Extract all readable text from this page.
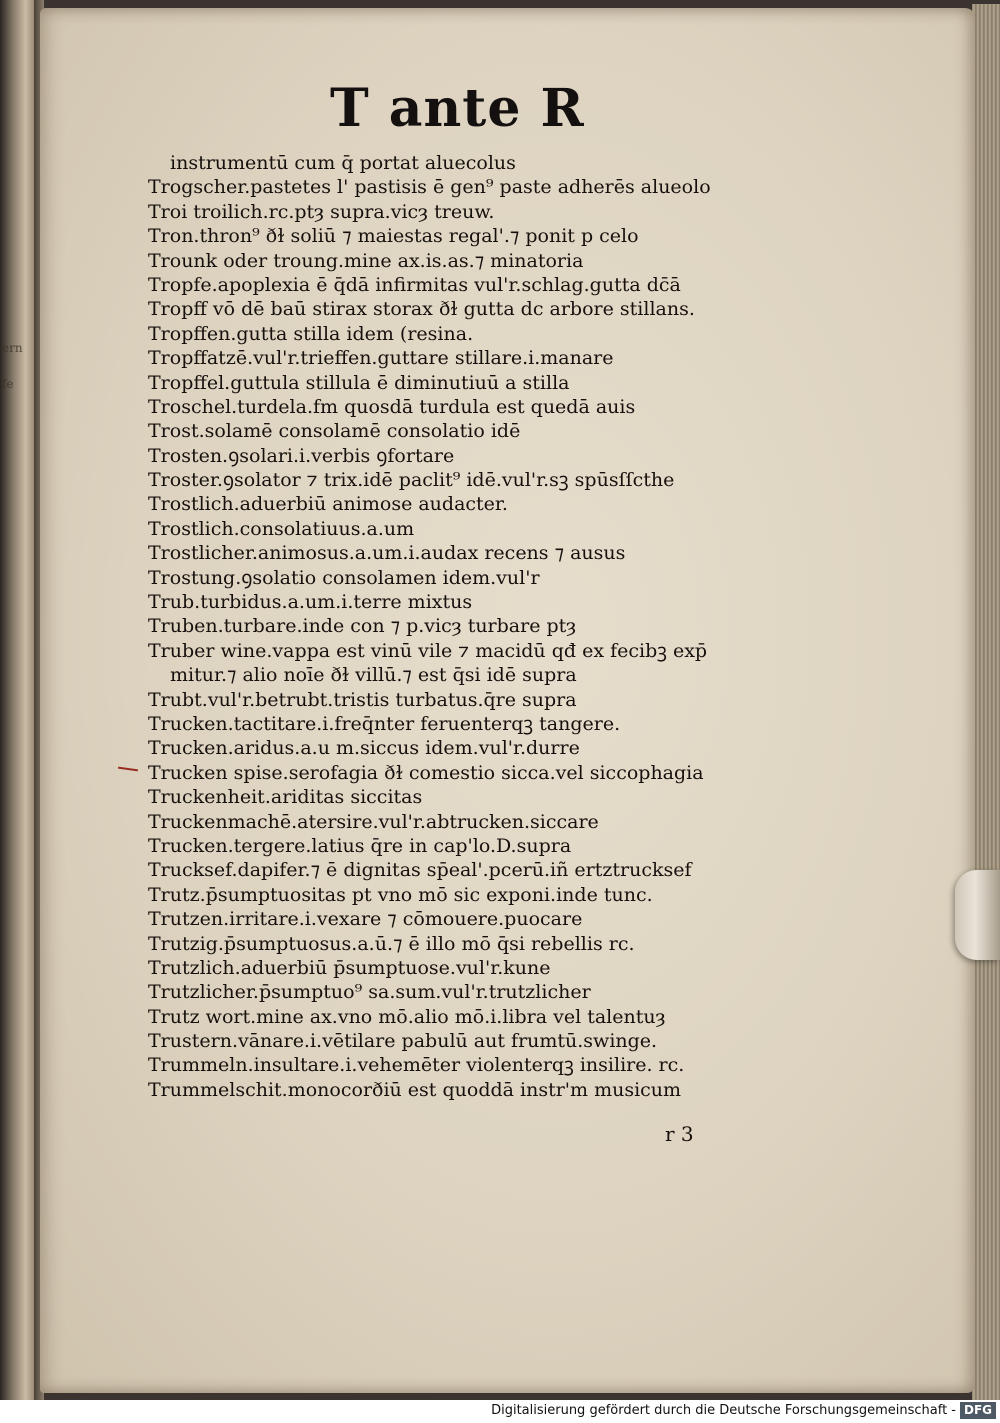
ern
fe
T ante R
instrumentū cum q̄ portat aluecolus
Trogscher.pastetes l' pastisis ē gen⁹ paste adherēs alueolo
Troi troilich.rc.ptȝ supra.vicȝ treuw.
Tron.thron⁹ ðɫ soliū ⁊ maiestas regal'.⁊ ponit p celo
Trounk oder troung.mine ax.is.as.⁊ minatoria
Tropfe.apoplexia ē q̄dā infirmitas vul'r.schlag.gutta dc̄ā
Tropff vō dē baū stirax storax ðɫ gutta dc arbore stillans.
Tropffen.gutta stilla idem (resina.
Tropffatzē.vul'r.trieffen.guttare stillare.i.manare
Tropffel.guttula stillula ē diminutiuū a stilla
Troschel.turdela.fm quosdā turdula est quedā auis
Trost.solamē consolamē consolatio idē
Trosten.ꝯsolari.i.verbis ꝯfortare
Troster.ꝯsolator ⁊ trix.idē paclit⁹ idē.vul'r.sꝫ spūsſſcthe
Trostlich.aduerbiū animose audacter.
Trostlich.consolatiuus.a.um
Trostlicher.animosus.a.um.i.audax recens ⁊ ausus
Trostung.ꝯsolatio consolamen idem.vul'r
Trub.turbidus.a.um.i.terre mixtus
Truben.turbare.inde con ⁊ p.vicȝ turbare ptȝ
Truber wine.vappa est vinū vile ⁊ macidū qđ ex fecibꝫ exp̄
mitur.⁊ alio noīe ðɫ villū.⁊ est q̄si idē supra
Trubt.vul'r.betrubt.tristis turbatus.q̄re supra
Trucken.tactitare.i.freq̄nter feruenterqꝫ tangere.
Trucken.aridus.a.u m.siccus idem.vul'r.durre
Trucken spise.serofagia ðɫ comestio sicca.vel siccophagia
Truckenheit.ariditas siccitas
Truckenmachē.atersire.vul'r.abtrucken.siccare
Trucken.tergere.latius q̄re in cap'lo.D.supra
Trucksef.dapifer.⁊ ē dignitas sp̄eal'.pcerū.iñ ertztrucksef
Trutz.p̄sumptuositas pt vno mō sic exponi.inde tunc.
Trutzen.irritare.i.vexare ⁊ cōmouere.puocare
Trutzig.p̄sumptuosus.a.ū.⁊ ē illo mō q̄si rebellis rc.
Trutzlich.aduerbiū p̄sumptuose.vul'r.kune
Trutzlicher.p̄sumptuo⁹ sa.sum.vul'r.trutzlicher
Trutz wort.mine ax.vno mō.alio mō.i.libra vel talentuȝ
Trustern.vānare.i.vētilare pabulū aut frumtū.swinge.
Trummeln.insultare.i.vehemēter violenterqꝫ insilire. rc.
Trummelschit.monocorðiū est quoddā instr'm musicum
r 3
Digitalisierung gefördert durch die Deutsche Forschungsgemeinschaft - DFG
